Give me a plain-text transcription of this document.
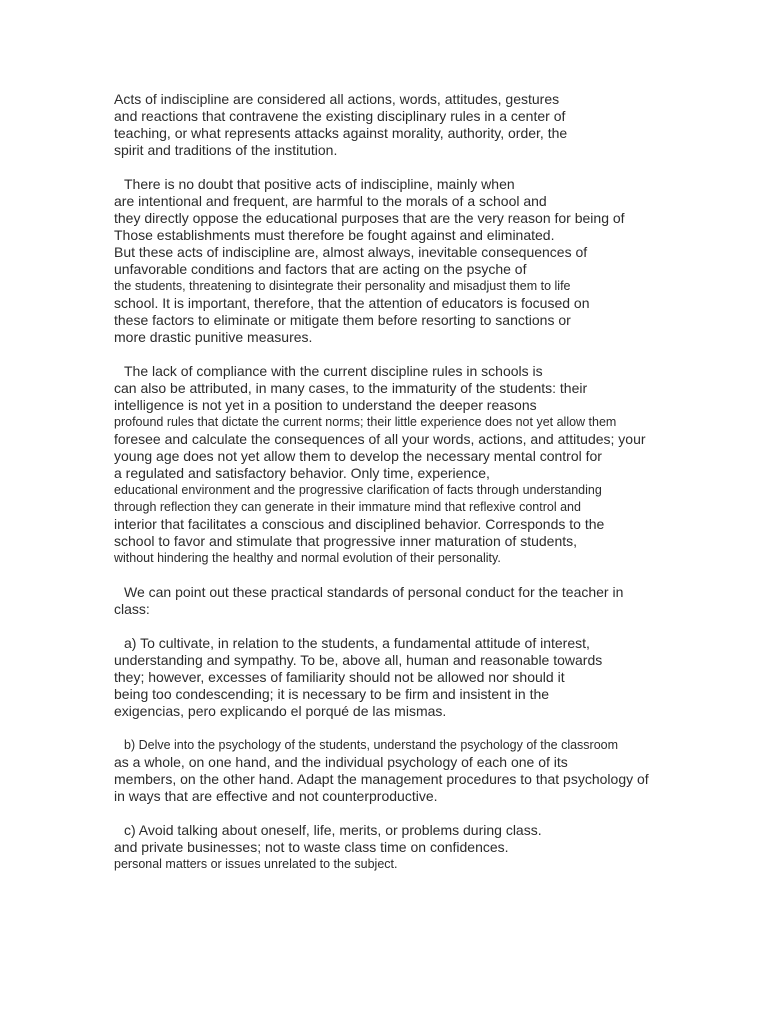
Acts of indiscipline are considered all actions, words, attitudes, gestures
and reactions that contravene the existing disciplinary rules in a center of
teaching, or what represents attacks against morality, authority, order, the
spirit and traditions of the institution.
There is no doubt that positive acts of indiscipline, mainly when
are intentional and frequent, are harmful to the morals of a school and
they directly oppose the educational purposes that are the very reason for being of
Those establishments must therefore be fought against and eliminated.
But these acts of indiscipline are, almost always, inevitable consequences of
unfavorable conditions and factors that are acting on the psyche of
the students, threatening to disintegrate their personality and misadjust them to life
school. It is important, therefore, that the attention of educators is focused on
these factors to eliminate or mitigate them before resorting to sanctions or
more drastic punitive measures.
The lack of compliance with the current discipline rules in schools is
can also be attributed, in many cases, to the immaturity of the students: their
intelligence is not yet in a position to understand the deeper reasons
profound rules that dictate the current norms; their little experience does not yet allow them
foresee and calculate the consequences of all your words, actions, and attitudes; your
young age does not yet allow them to develop the necessary mental control for
a regulated and satisfactory behavior. Only time, experience,
educational environment and the progressive clarification of facts through understanding
through reflection they can generate in their immature mind that reflexive control and
interior that facilitates a conscious and disciplined behavior. Corresponds to the
school to favor and stimulate that progressive inner maturation of students,
without hindering the healthy and normal evolution of their personality.
We can point out these practical standards of personal conduct for the teacher in
class:
a) To cultivate, in relation to the students, a fundamental attitude of interest,
understanding and sympathy. To be, above all, human and reasonable towards
they; however, excesses of familiarity should not be allowed nor should it
being too condescending; it is necessary to be firm and insistent in the
exigencias, pero explicando el porqué de las mismas.
b) Delve into the psychology of the students, understand the psychology of the classroom
as a whole, on one hand, and the individual psychology of each one of its
members, on the other hand. Adapt the management procedures to that psychology of
in ways that are effective and not counterproductive.
c) Avoid talking about oneself, life, merits, or problems during class.
and private businesses; not to waste class time on confidences.
personal matters or issues unrelated to the subject.
